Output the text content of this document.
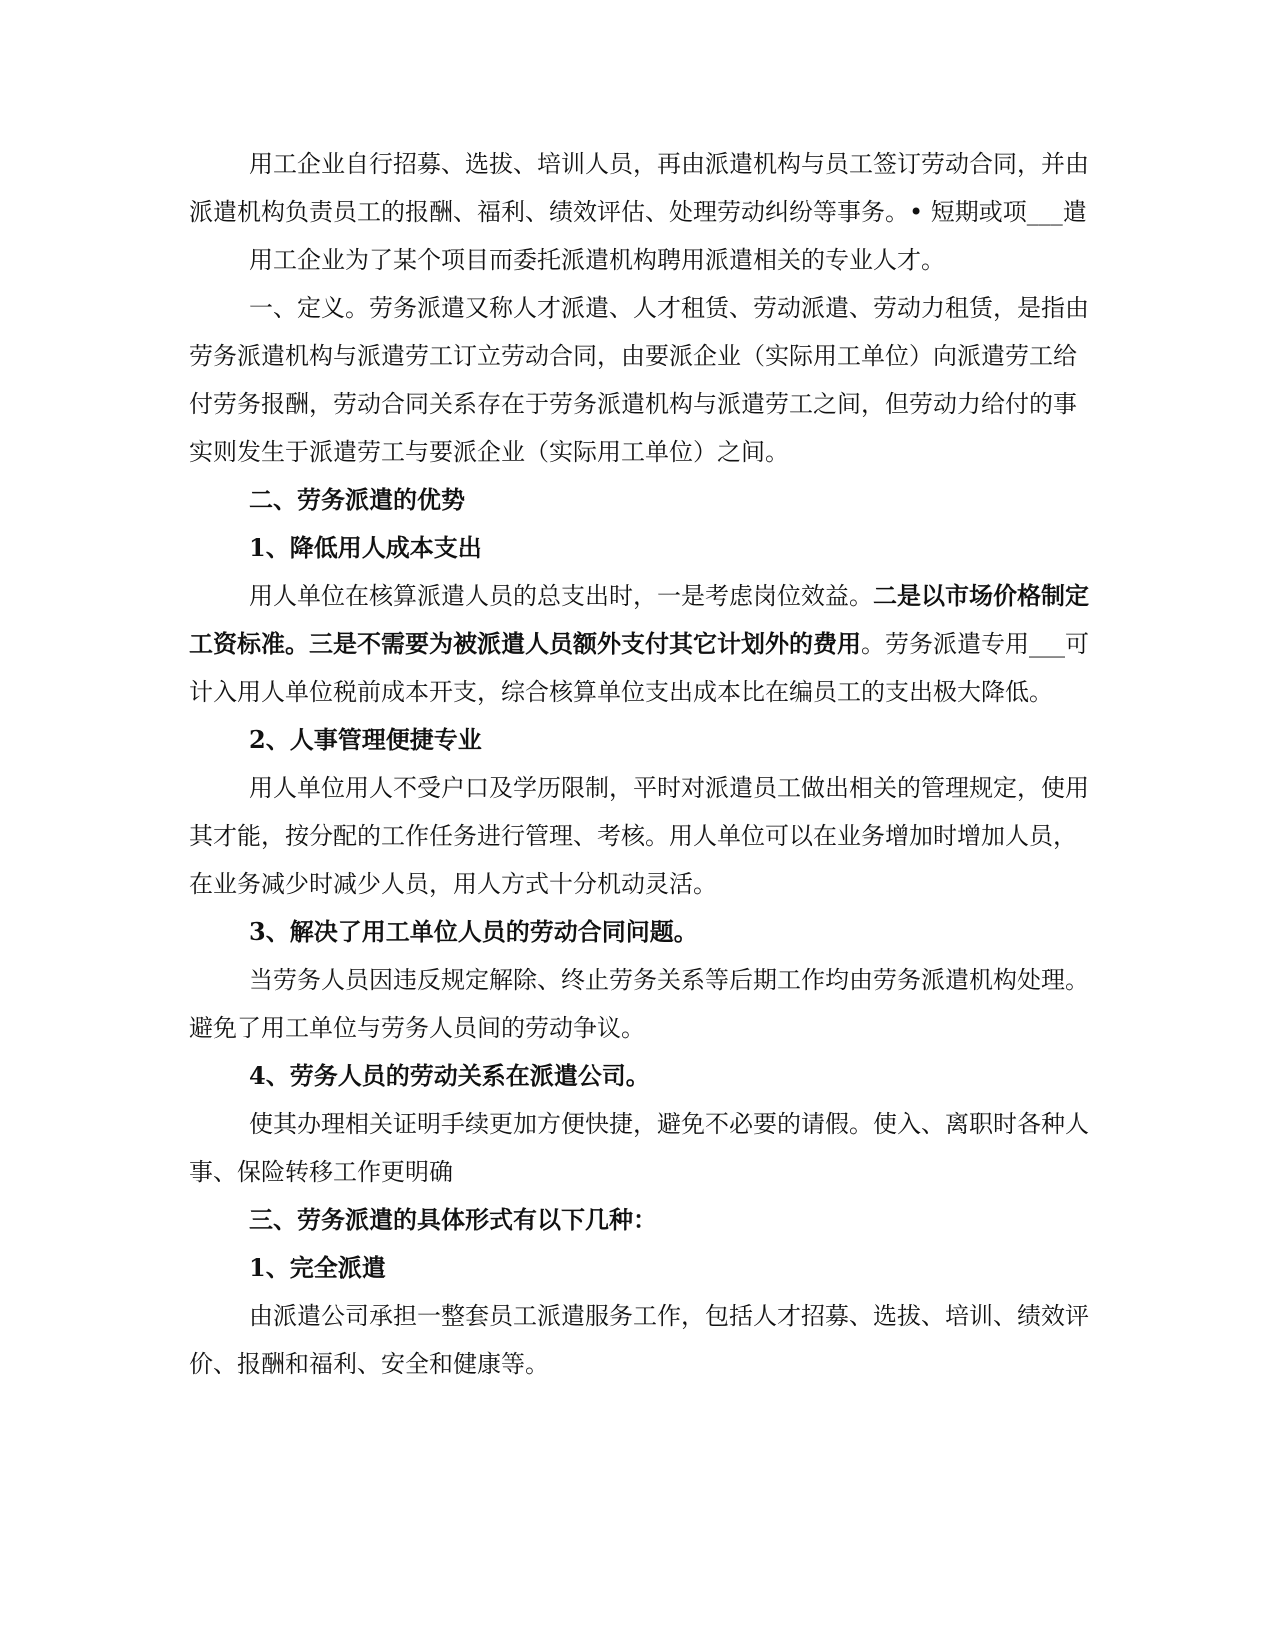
用工企业自行招募、选拔、培训人员，再由派遣机构与员工签订劳动合同，并由派遣机构负责员工的报酬、福利、绩效评估、处理劳动纠纷等事务。• 短期或项___遣

用工企业为了某个项目而委托派遣机构聘用派遣相关的专业人才。

一、定义。劳务派遣又称人才派遣、人才租赁、劳动派遣、劳动力租赁，是指由劳务派遣机构与派遣劳工订立劳动合同，由要派企业（实际用工单位）向派遣劳工给付劳务报酬，劳动合同关系存在于劳务派遣机构与派遣劳工之间，但劳动力给付的事实则发生于派遣劳工与要派企业（实际用工单位）之间。

二、劳务派遣的优势

1、降低用人成本支出

用人单位在核算派遣人员的总支出时，一是考虑岗位效益。二是以市场价格制定工资标准。三是不需要为被派遣人员额外支付其它计划外的费用。劳务派遣专用___可计入用人单位税前成本开支，综合核算单位支出成本比在编员工的支出极大降低。

2、人事管理便捷专业

用人单位用人不受户口及学历限制，平时对派遣员工做出相关的管理规定，使用其才能，按分配的工作任务进行管理、考核。用人单位可以在业务增加时增加人员，在业务减少时减少人员，用人方式十分机动灵活。

3、解决了用工单位人员的劳动合同问题。

当劳务人员因违反规定解除、终止劳务关系等后期工作均由劳务派遣机构处理。避免了用工单位与劳务人员间的劳动争议。

4、劳务人员的劳动关系在派遣公司。

使其办理相关证明手续更加方便快捷，避免不必要的请假。使入、离职时各种人事、保险转移工作更明确

三、劳务派遣的具体形式有以下几种：

1、完全派遣

由派遣公司承担一整套员工派遣服务工作，包括人才招募、选拔、培训、绩效评价、报酬和福利、安全和健康等。
